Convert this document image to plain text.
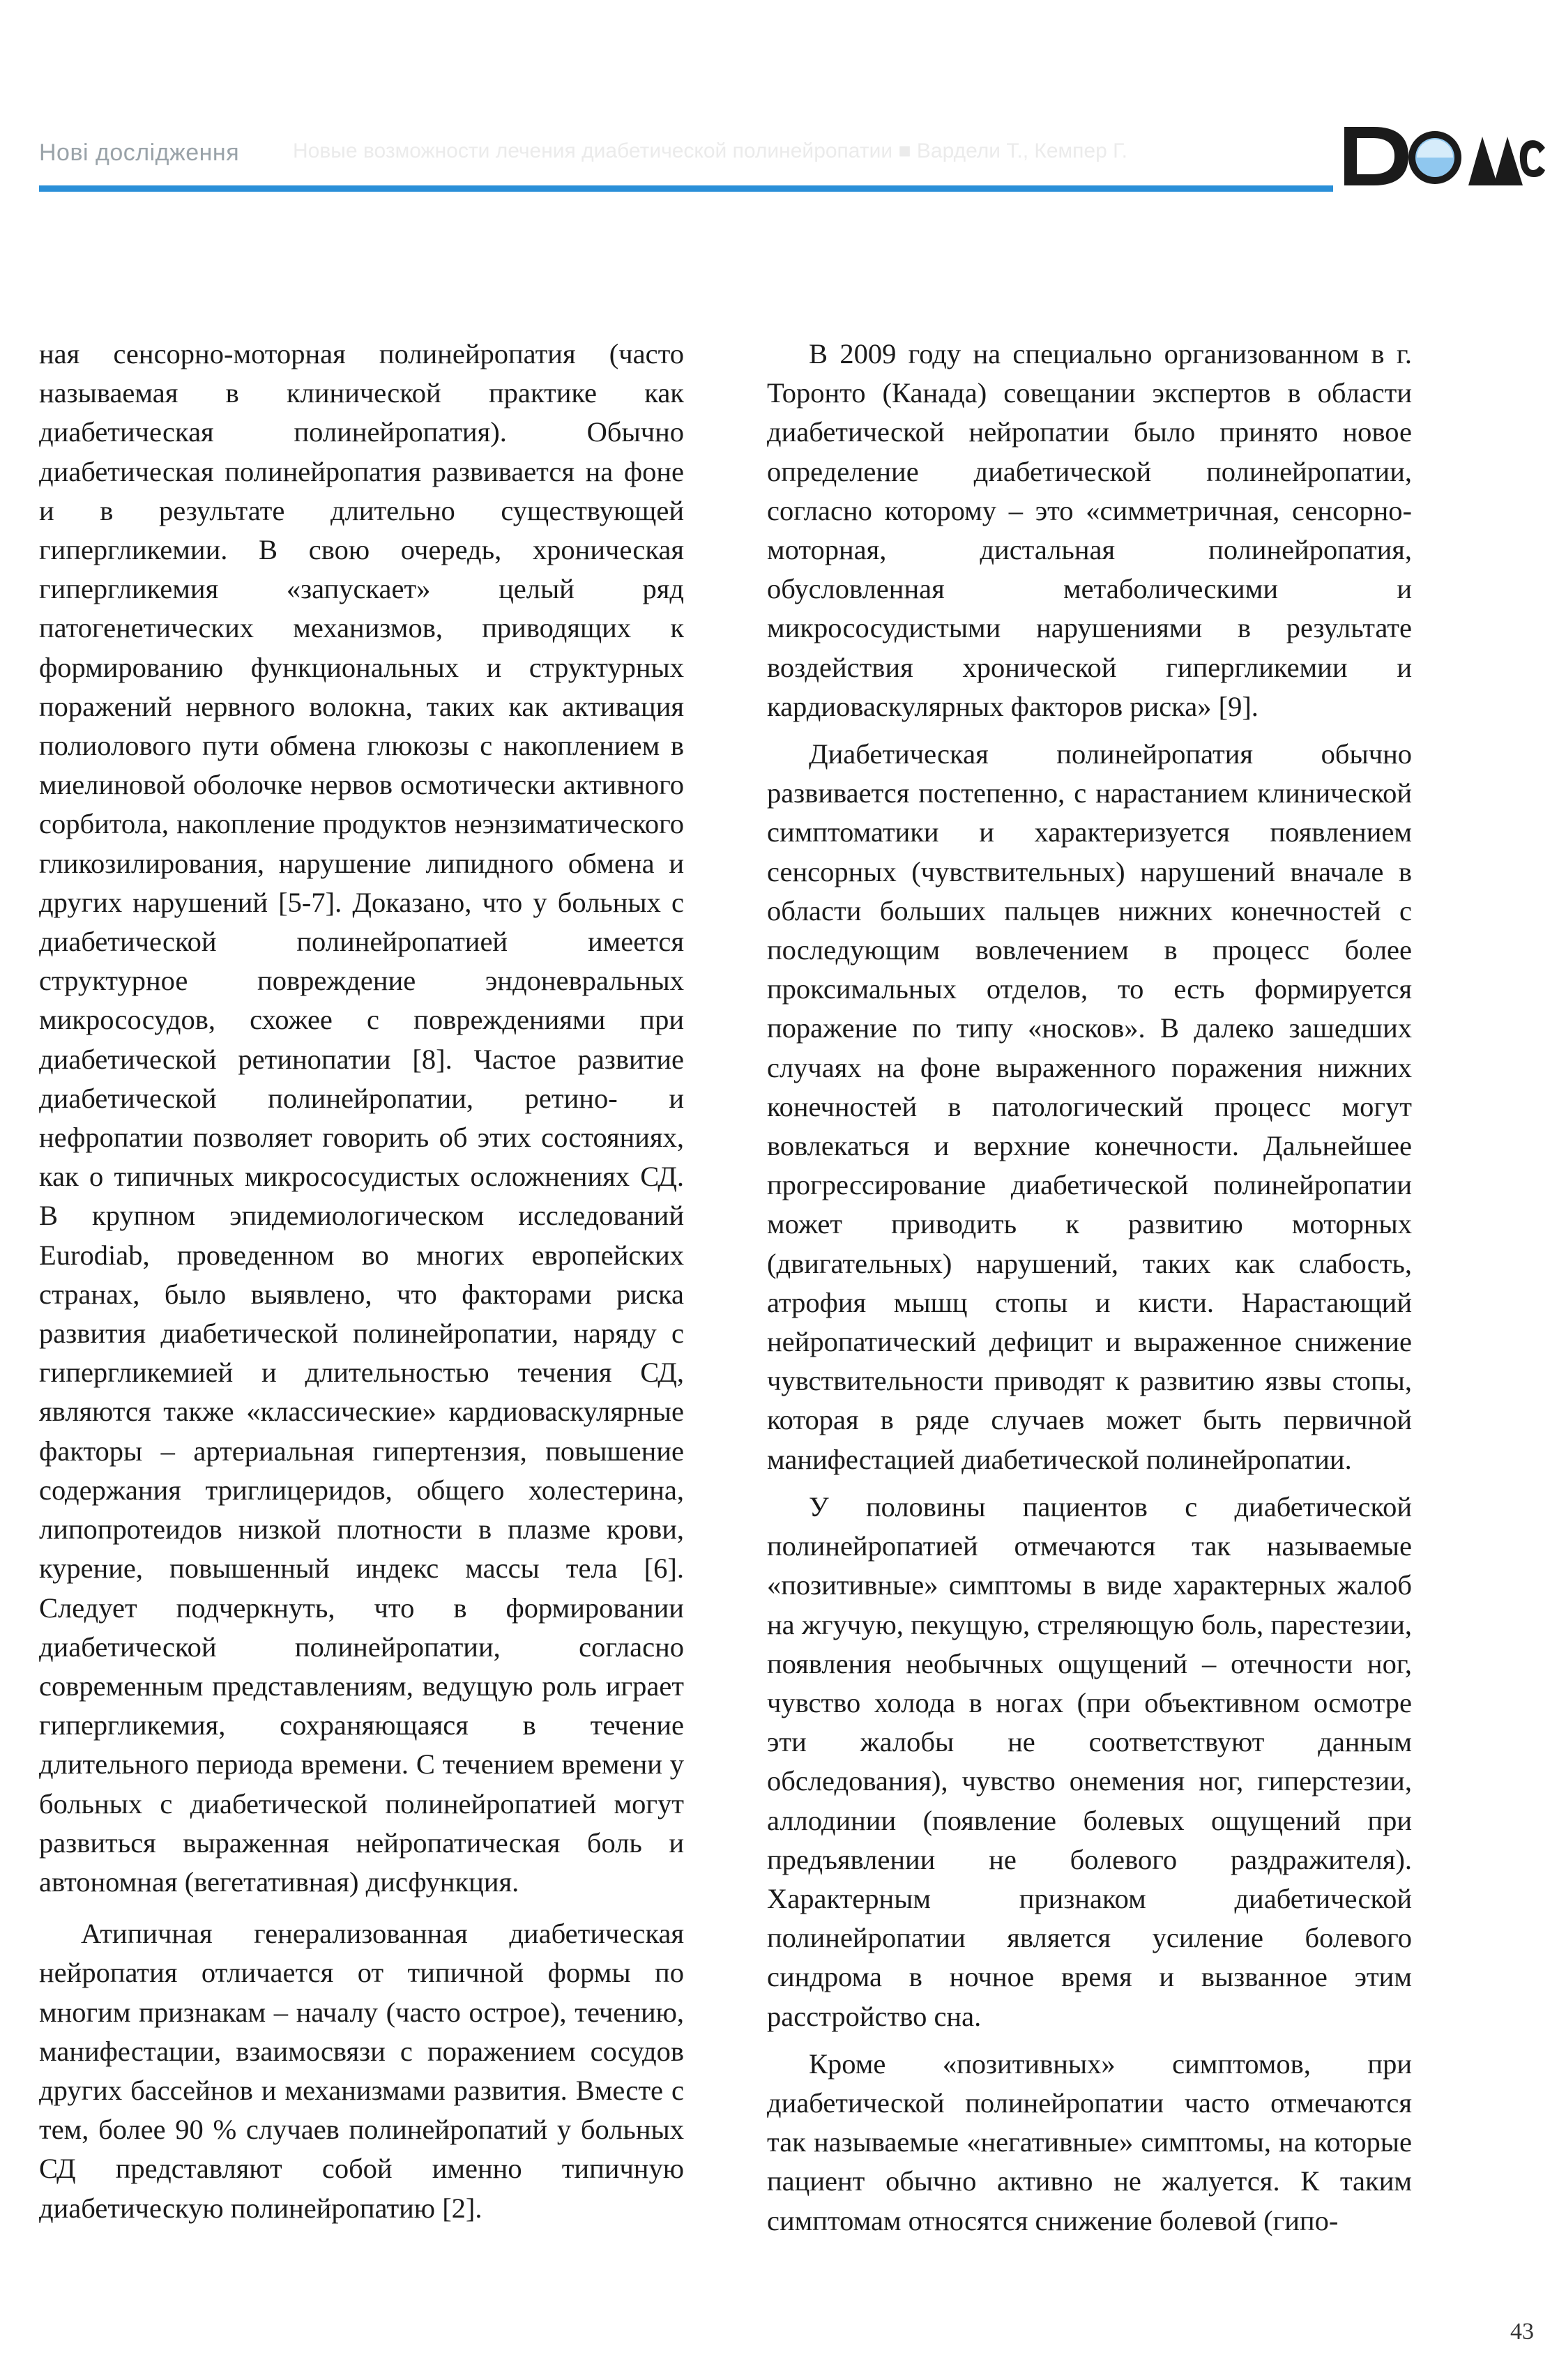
Нові дослідження	Новые возможности лечения диабетической полинейропатии ■ Вардели Т., Кемпер Г.

ная сенсорно-моторная полинейропатия (часто называемая в клинической практике как диабетическая полинейропатия). Обычно диабетическая полинейропатия развивается на фоне и в результате длительно существующей гипергликемии. В свою очередь, хроническая гипергликемия «запускает» целый ряд патогенетических механизмов, приводящих к формированию функциональных и структурных поражений нервного волокна, таких как активация полиолового пути обмена глюкозы с накоплением в миелиновой оболочке нервов осмотически активного сорбитола, накопление продуктов неэнзиматического гликозилирования, нарушение липидного обмена и других нарушений [5-7]. Доказано, что у больных с диабетической полинейропатией имеется структурное повреждение эндоневральных микрососудов, схожее с повреждениями при диабетической ретинопатии [8]. Частое развитие диабетической полинейропатии, ретино- и нефропатии позволяет говорить об этих состояниях, как о типичных микрососудистых осложнениях СД. В крупном эпидемиологическом исследований Eurodiab, проведенном во многих европейских странах, было выявлено, что факторами риска развития диабетической полинейропатии, наряду с гипергликемией и длительностью течения СД, являются также «классические» кардиоваскулярные факторы – артериальная гипертензия, повышение содержания триглицеридов, общего холестерина, липопротеидов низкой плотности в плазме крови, курение, повышенный индекс массы тела [6]. Следует подчеркнуть, что в формировании диабетической полинейропатии, согласно современным представлениям, ведущую роль играет гипергликемия, сохраняющаяся в течение длительного периода времени. С течением времени у больных с диабетической полинейропатией могут развиться выраженная нейропатическая боль и автономная (вегетативная) дисфункция.

Атипичная генерализованная диабетическая нейропатия отличается от типичной формы по многим признакам – началу (часто острое), течению, манифестации, взаимосвязи с поражением сосудов других бассейнов и механизмами развития. Вместе с тем, более 90 % случаев полинейропатий у больных СД представляют собой именно типичную диабетическую полинейропатию [2].

В 2009 году на специально организованном в г. Торонто (Канада) совещании экспертов в области диабетической нейропатии было принято новое определение диабетической полинейропатии, согласно которому – это «симметричная, сенсорно-моторная, дистальная полинейропатия, обусловленная метаболическими и микрососудистыми нарушениями в результате воздействия хронической гипергликемии и кардиоваскулярных факторов риска» [9].

Диабетическая полинейропатия обычно развивается постепенно, с нарастанием клинической симптоматики и характеризуется появлением сенсорных (чувствительных) нарушений вначале в области больших пальцев нижних конечностей с последующим вовлечением в процесс более проксимальных отделов, то есть формируется поражение по типу «носков». В далеко зашедших случаях на фоне выраженного поражения нижних конечностей в патологический процесс могут вовлекаться и верхние конечности. Дальнейшее прогрессирование диабетической полинейропатии может приводить к развитию моторных (двигательных) нарушений, таких как слабость, атрофия мышц стопы и кисти. Нарастающий нейропатический дефицит и выраженное снижение чувствительности приводят к развитию язвы стопы, которая в ряде случаев может быть первичной манифестацией диабетической полинейропатии.

У половины пациентов с диабетической полинейропатией отмечаются так называемые «позитивные» симптомы в виде характерных жалоб на жгучую, пекущую, стреляющую боль, парестезии, появления необычных ощущений – отечности ног, чувство холода в ногах (при объективном осмотре эти жалобы не соответствуют данным обследования), чувство онемения ног, гиперстезии, аллодинии (появление болевых ощущений при предъявлении не болевого раздражителя). Характерным признаком диабетической полинейропатии является усиление болевого синдрома в ночное время и вызванное этим расстройство сна.

Кроме «позитивных» симптомов, при диабетической полинейропатии часто отмечаются так называемые «негативные» симптомы, на которые пациент обычно активно не жалуется. К таким симптомам относятся снижение болевой (гипо-

43
